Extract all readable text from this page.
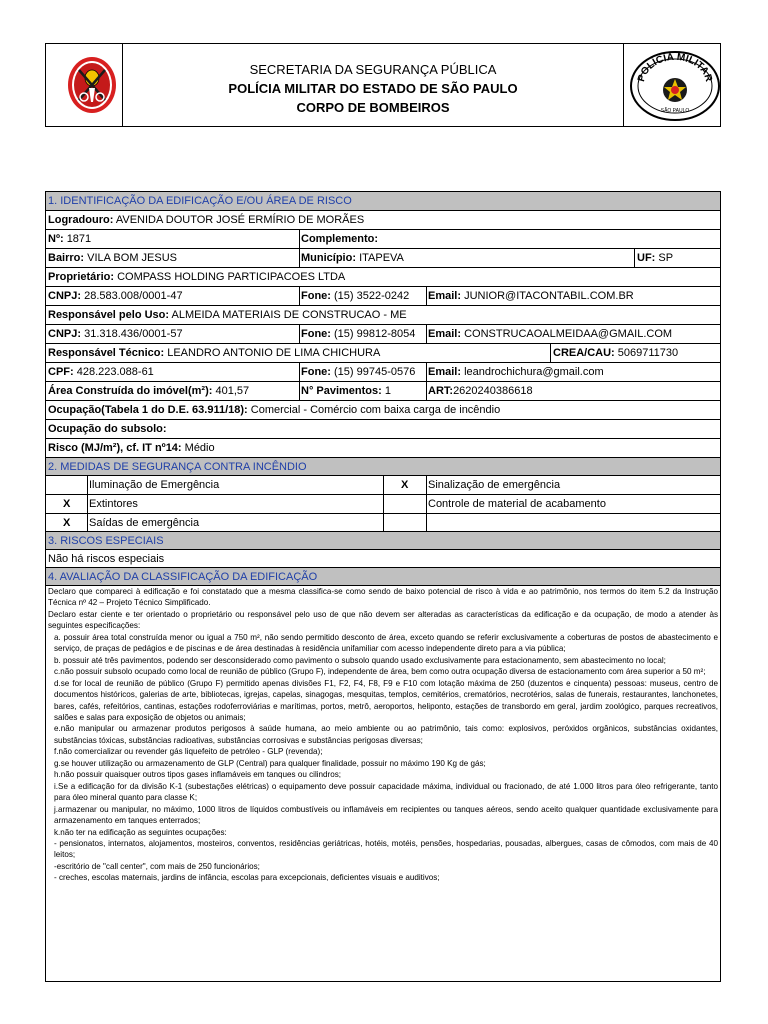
SECRETARIA DA SEGURANÇA PÚBLICA
POLÍCIA MILITAR DO ESTADO DE SÃO PAULO
CORPO DE BOMBEIROS
POLÍCIA MILITAR
SÃO PAULO
1. IDENTIFICAÇÃO DA EDIFICAÇÃO E/OU ÁREA DE RISCO
Logradouro: AVENIDA DOUTOR JOSÉ ERMÍRIO DE MORÃES
Nº: 1871	Complemento:
Bairro: VILA BOM JESUS	Município: ITAPEVA	UF: SP
Proprietário: COMPASS HOLDING PARTICIPACOES LTDA
CNPJ: 28.583.008/0001-47	Fone: (15) 3522-0242 Email: JUNIOR@ITACONTABIL.COM.BR
Responsável pelo Uso: ALMEIDA MATERIAIS DE CONSTRUCAO - ME
CNPJ: 31.318.436/0001-57	Fone: (15) 99812-8054 Email: CONSTRUCAOALMEIDAA@GMAIL.COM
Responsável Técnico: LEANDRO ANTONIO DE LIMA CHICHURA	CREA/CAU: 5069711730
CPF: 428.223.088-61	Fone: (15) 99745-0576 Email: leandrochichura@gmail.com
Área Construída do imóvel(m²): 401,57	N° Pavimentos: 1	ART:2620240386618
Ocupação(Tabela 1 do D.E. 63.911/18): Comercial - Comércio com baixa carga de incêndio
Ocupação do subsolo:
Risco (MJ/m²), cf. IT nº14: Médio
2. MEDIDAS DE SEGURANÇA CONTRA INCÊNDIO
Iluminação de Emergência	X Sinalização de emergência
X Extintores	Controle de material de acabamento
X Saídas de emergência
3. RISCOS ESPECIAIS
Não há riscos especiais
4. AVALIAÇÃO DA CLASSIFICAÇÃO DA EDIFICAÇÃO

Declaro que compareci à edificação e foi constatado que a mesma classifica-se como sendo de baixo potencial de risco à vida e ao patrimônio, nos termos do item 5.2 da Instrução Técnica nº 42 – Projeto Técnico Simplificado.

Declaro estar ciente e ter orientado o proprietário ou responsável pelo uso de que não devem ser alteradas as características da edificação e da ocupação, de modo a atender às seguintes especificações:

a. possuir área total construída menor ou igual a 750 m², não sendo permitido desconto de área, exceto quando se referir exclusivamente a coberturas de postos de abastecimento e serviço, de praças de pedágios e de piscinas e de área destinadas à residência unifamiliar com acesso independente direto para a via pública;

b. possuir até três pavimentos, podendo ser desconsiderado como pavimento o subsolo quando usado exclusivamente para estacionamento, sem abastecimento no local;

c.não possuir subsolo ocupado como local de reunião de público (Grupo F), independente de área, bem como outra ocupação diversa de estacionamento com área superior a 50 m²;

d.se for local de reunião de público (Grupo F) permitido apenas divisões F1, F2, F4, F8, F9 e F10 com lotação máxima de 250 (duzentos e cinquenta) pessoas: museus, centro de documentos históricos, galerias de arte, bibliotecas, igrejas, capelas, sinagogas, mesquitas, templos, cemitérios, crematórios, necrotérios, salas de funerais, restaurantes, lanchonetes, bares, cafés, refeitórios, cantinas, estações rodoferroviárias e marítimas, portos, metrô, aeroportos, heliponto, estações de transbordo em geral, jardim zoológico, parques recreativos, salões e salas para exposição de objetos ou animais;

e.não manipular ou armazenar produtos perigosos à saúde humana, ao meio ambiente ou ao patrimônio, tais como: explosivos, peróxidos orgânicos, substâncias oxidantes, substâncias tóxicas, substâncias radioativas, substâncias corrosivas e substâncias perigosas diversas;

f.não comercializar ou revender gás liquefeito de petróleo - GLP (revenda);

g.se houver utilização ou armazenamento de GLP (Central) para qualquer finalidade, possuir no máximo 190 Kg de gás;

h.não possuir quaisquer outros tipos gases inflamáveis em tanques ou cilindros;

i.Se a edificação for da divisão K-1 (subestações elétricas) o equipamento deve possuir capacidade máxima, individual ou fracionado, de até 1.000 litros para óleo refrigerante, tanto para óleo mineral quanto para classe K;

j.armazenar ou manipular, no máximo, 1000 litros de líquidos combustíveis ou inflamáveis em recipientes ou tanques aéreos, sendo aceito qualquer quantidade exclusivamente para armazenamento em tanques enterrados;

k.não ter na edificação as seguintes ocupações:

- pensionatos, internatos, alojamentos, mosteiros, conventos, residências geriátricas, hotéis, motéis, pensões, hospedarias, pousadas, albergues, casas de cômodos, com mais de 40 leitos;

-escritório de "call center", com mais de 250 funcionários;

- creches, escolas maternais, jardins de infância, escolas para excepcionais, deficientes visuais e auditivos;
